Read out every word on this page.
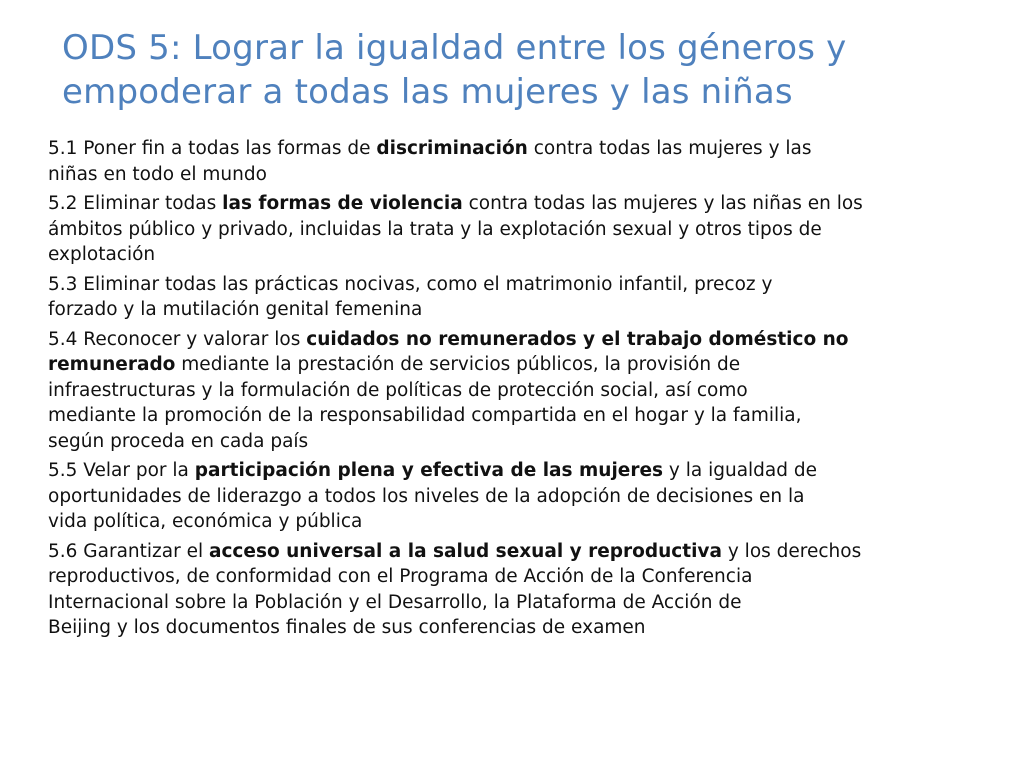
ODS 5: Lograr la igualdad entre los géneros y
empoderar a todas las mujeres y las niñas
5.1 Poner fin a todas las formas de discriminación contra todas las mujeres y las
niñas en todo el mundo
5.2 Eliminar todas las formas de violencia contra todas las mujeres y las niñas en los
ámbitos público y privado, incluidas la trata y la explotación sexual y otros tipos de
explotación
5.3 Eliminar todas las prácticas nocivas, como el matrimonio infantil, precoz y
forzado y la mutilación genital femenina
5.4 Reconocer y valorar los cuidados no remunerados y el trabajo doméstico no
remunerado mediante la prestación de servicios públicos, la provisión de
infraestructuras y la formulación de políticas de protección social, así como
mediante la promoción de la responsabilidad compartida en el hogar y la familia,
según proceda en cada país
5.5 Velar por la participación plena y efectiva de las mujeres y la igualdad de
oportunidades de liderazgo a todos los niveles de la adopción de decisiones en la
vida política, económica y pública
5.6 Garantizar el acceso universal a la salud sexual y reproductiva y los derechos
reproductivos, de conformidad con el Programa de Acción de la Conferencia
Internacional sobre la Población y el Desarrollo, la Plataforma de Acción de
Beijing y los documentos finales de sus conferencias de examen
